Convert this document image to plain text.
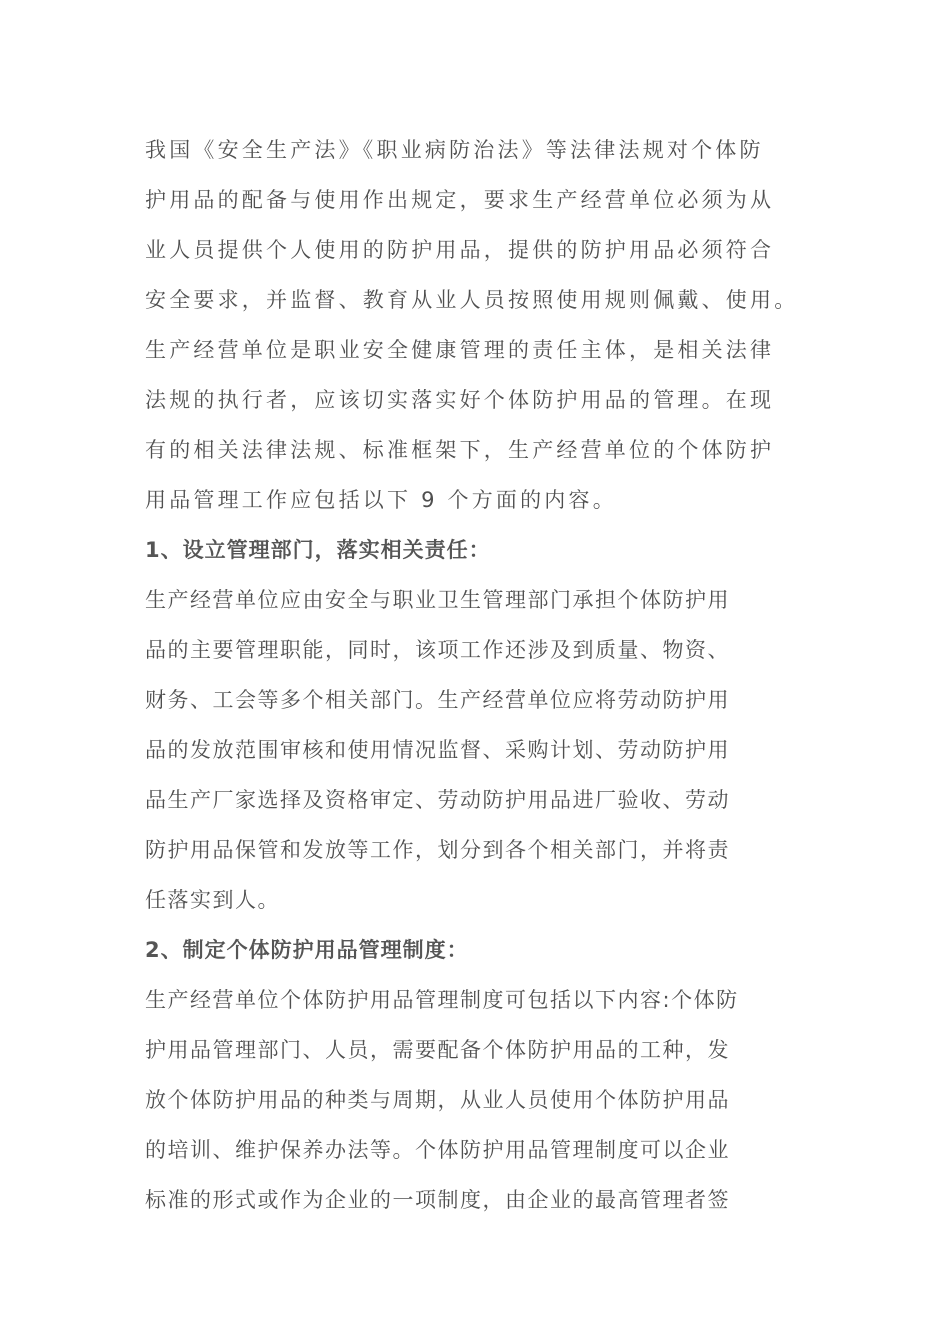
我国《安全生产法》《职业病防治法》等法律法规对个体防
护用品的配备与使用作出规定，要求生产经营单位必须为从
业人员提供个人使用的防护用品，提供的防护用品必须符合
安全要求，并监督、教育从业人员按照使用规则佩戴、使用。
生产经营单位是职业安全健康管理的责任主体，是相关法律
法规的执行者，应该切实落实好个体防护用品的管理。在现
有的相关法律法规、标准框架下，生产经营单位的个体防护
用品管理工作应包括以下 9 个方面的内容。
1、设立管理部门，落实相关责任：
生产经营单位应由安全与职业卫生管理部门承担个体防护用
品的主要管理职能，同时，该项工作还涉及到质量、物资、
财务、工会等多个相关部门。生产经营单位应将劳动防护用
品的发放范围审核和使用情况监督、采购计划、劳动防护用
品生产厂家选择及资格审定、劳动防护用品进厂验收、劳动
防护用品保管和发放等工作，划分到各个相关部门，并将责
任落实到人。
2、制定个体防护用品管理制度：
生产经营单位个体防护用品管理制度可包括以下内容:个体防
护用品管理部门、人员，需要配备个体防护用品的工种，发
放个体防护用品的种类与周期，从业人员使用个体防护用品
的培训、维护保养办法等。个体防护用品管理制度可以企业
标准的形式或作为企业的一项制度，由企业的最高管理者签
